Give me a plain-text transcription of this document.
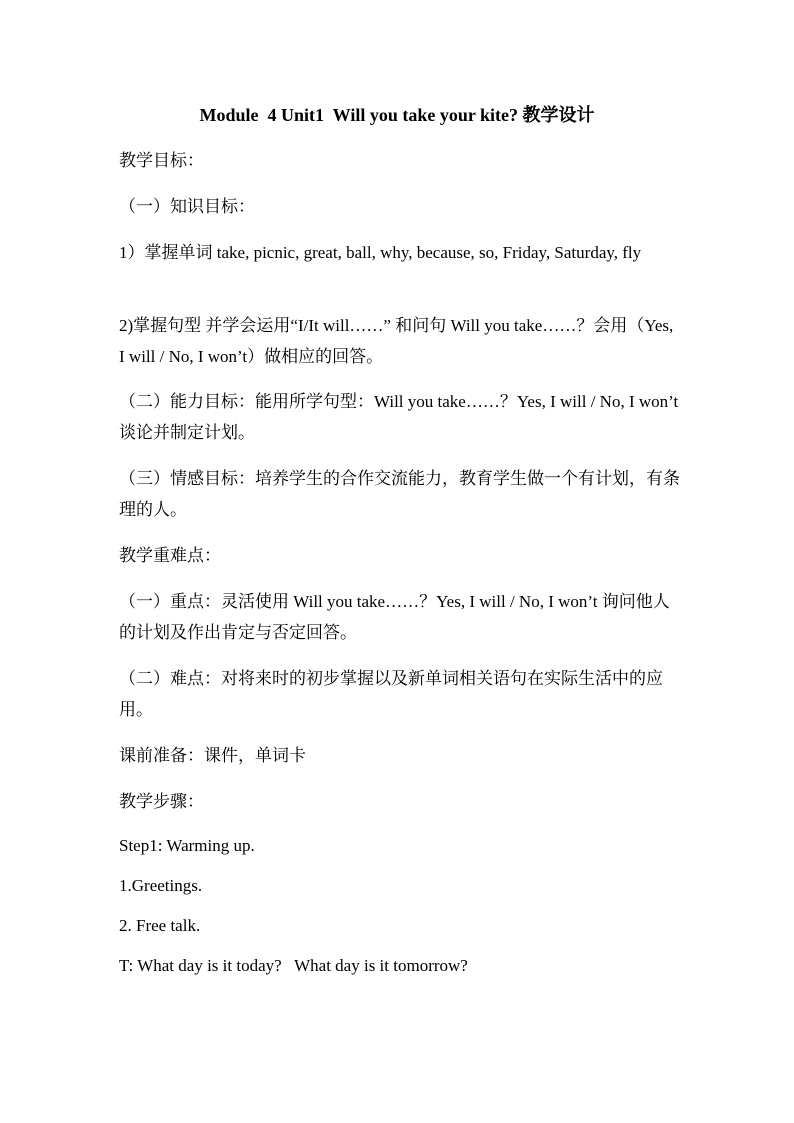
Module  4 Unit1  Will you take your kite? 教学设计

教学目标：

（一）知识目标：

1）掌握单词 take, picnic, great, ball, why, because, so, Friday, Saturday, fly

2)掌握句型 并学会运用“I/It will……” 和问句 Will you take……？会用（Yes, I will / No, I won’t）做相应的回答。

（二）能力目标：能用所学句型：Will you take……？Yes, I will / No, I won’t 谈论并制定计划。

（三）情感目标：培养学生的合作交流能力，教育学生做一个有计划，有条理的人。

教学重难点：

（一）重点：灵活使用 Will you take……？Yes, I will / No, I won’t 询问他人的计划及作出肯定与否定回答。

（二）难点：对将来时的初步掌握以及新单词相关语句在实际生活中的应用。

课前准备：课件，单词卡

教学步骤：

Step1: Warming up.

1.Greetings.

2. Free talk.

T: What day is it today?   What day is it tomorrow?
